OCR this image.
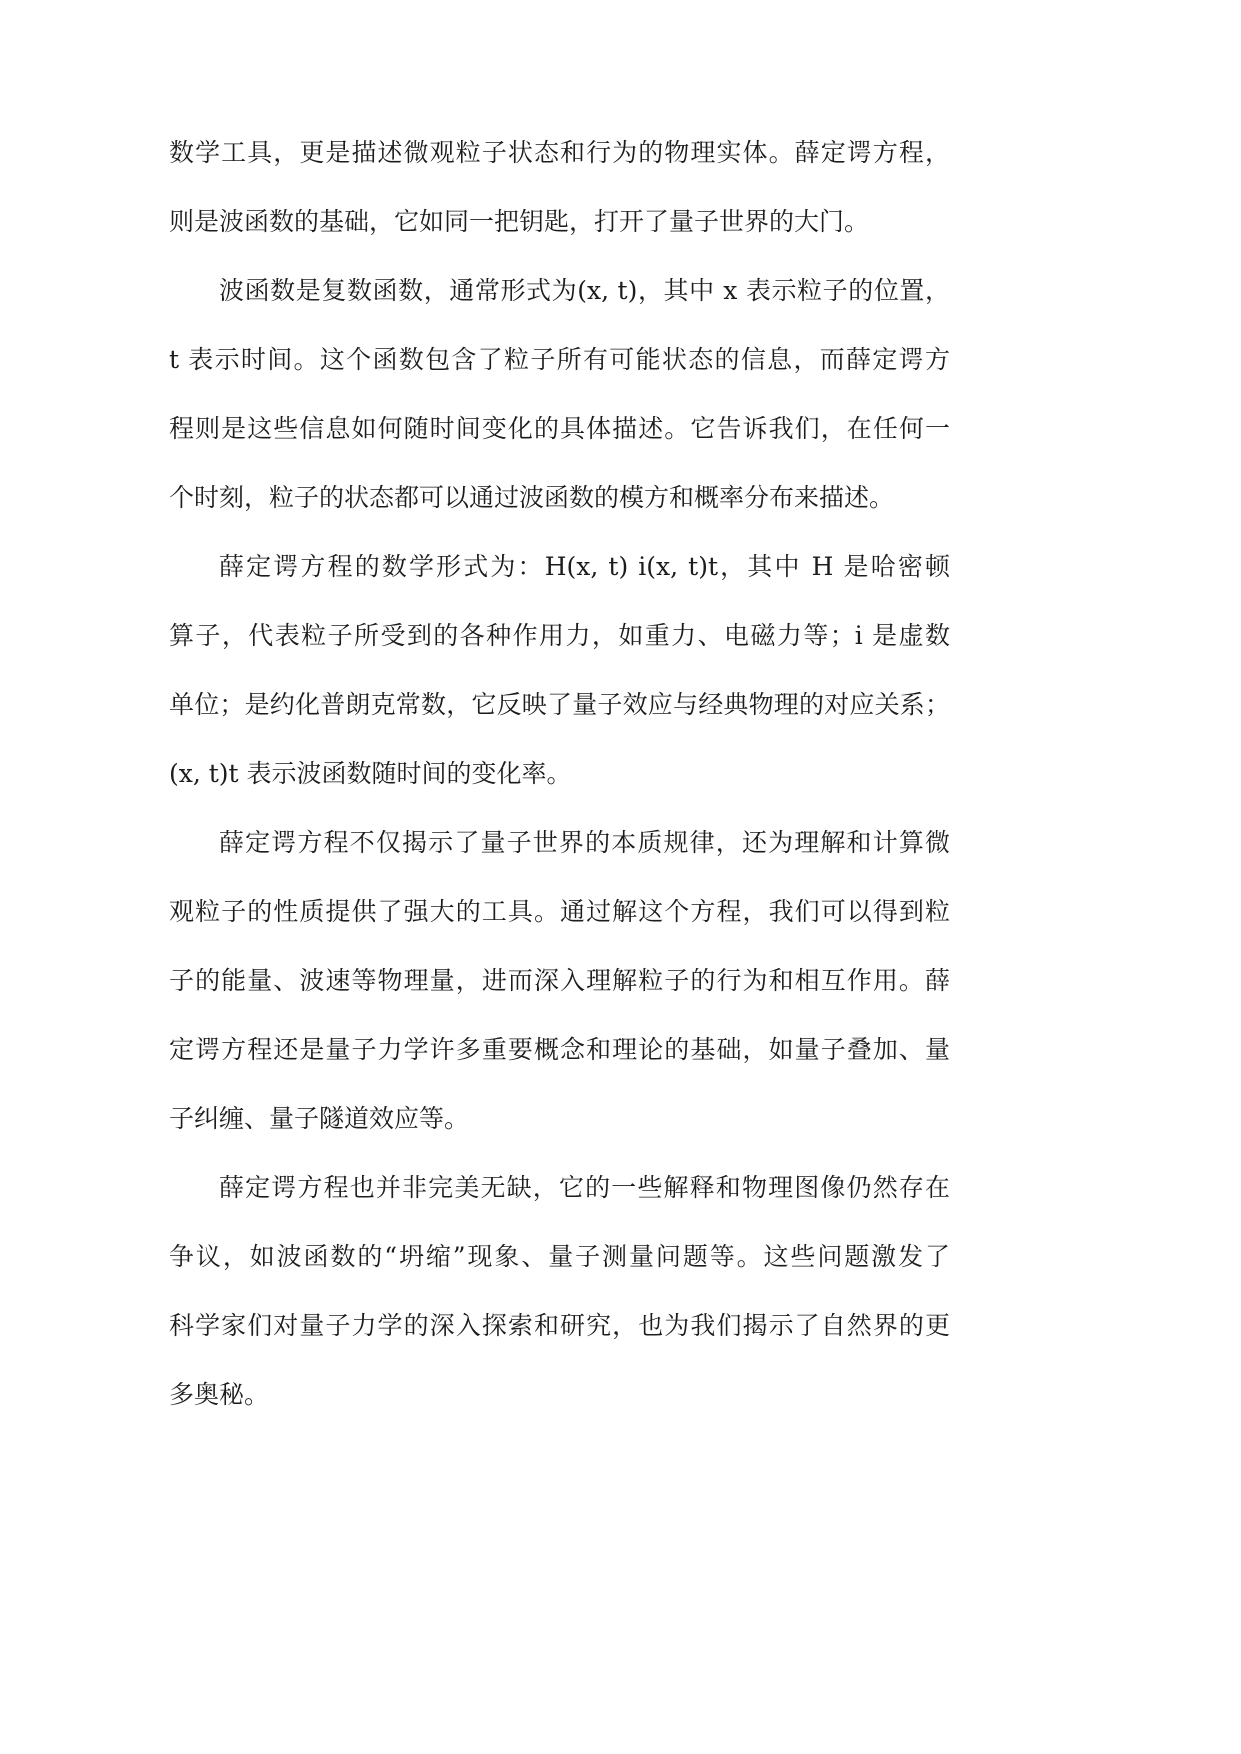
数学工具，更是描述微观粒子状态和行为的物理实体。薛定谔方程，
则是波函数的基础，它如同一把钥匙，打开了量子世界的大门。
波函数是复数函数，通常形式为(x, t)，其中 x 表示粒子的位置，
t 表示时间。这个函数包含了粒子所有可能状态的信息，而薛定谔方
程则是这些信息如何随时间变化的具体描述。它告诉我们，在任何一
个时刻，粒子的状态都可以通过波函数的模方和概率分布来描述。
薛定谔方程的数学形式为：H(x, t) i(x, t)t，其中 H 是哈密顿
算子，代表粒子所受到的各种作用力，如重力、电磁力等；i 是虚数
单位；是约化普朗克常数，它反映了量子效应与经典物理的对应关系；
(x, t)t 表示波函数随时间的变化率。
薛定谔方程不仅揭示了量子世界的本质规律，还为理解和计算微
观粒子的性质提供了强大的工具。通过解这个方程，我们可以得到粒
子的能量、波速等物理量，进而深入理解粒子的行为和相互作用。薛
定谔方程还是量子力学许多重要概念和理论的基础，如量子叠加、量
子纠缠、量子隧道效应等。
薛定谔方程也并非完美无缺，它的一些解释和物理图像仍然存在
争议，如波函数的“坍缩”现象、量子测量问题等。这些问题激发了
科学家们对量子力学的深入探索和研究，也为我们揭示了自然界的更
多奥秘。
